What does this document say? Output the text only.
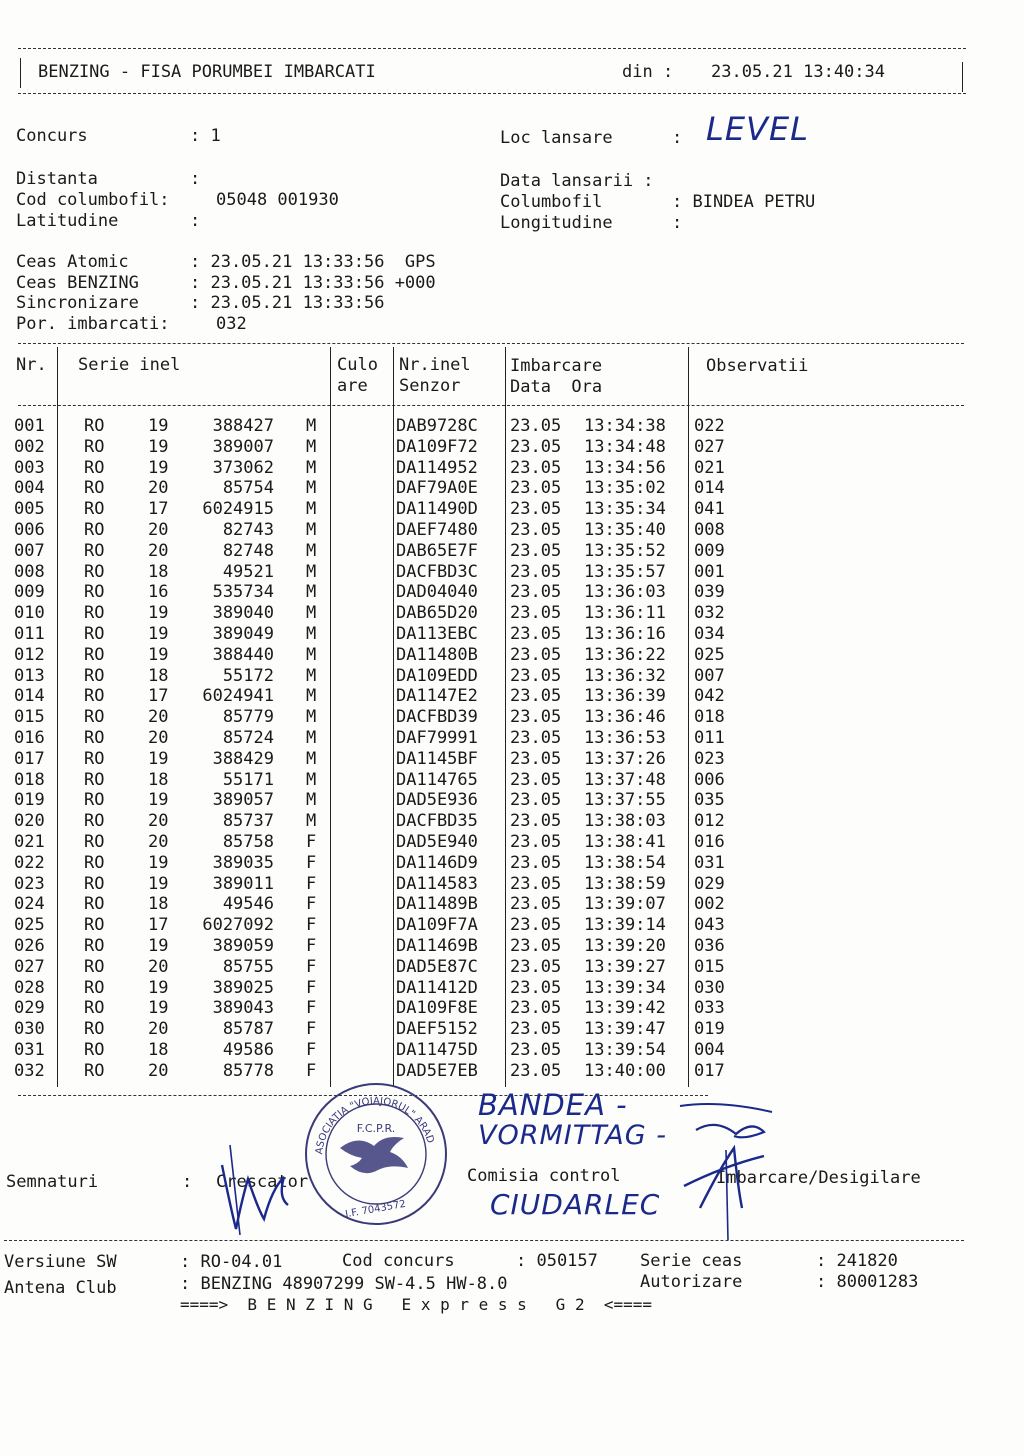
BENZING - FISA PORUMBEI IMBARCATI	din : 23.05.21 13:40:34
Concurs	: 1	Loc lansare	: LEVEL
Distanta	:	Data lansarii :
Cod columbofil:	05048 001930	Columbofil	: BINDEA PETRU
Latitudine	:	Longitudine	:
Ceas Atomic	: 23.05.21 13:33:56  GPS
Ceas BENZING	: 23.05.21 13:33:56 +000
Sincronizare	: 23.05.21 13:33:56
Por. imbarcati:	032
Nr. Serie inel	Culo
are
Nr.inel
Senzor
Imbarcare
Data  Ora
Observatii
001	RO	19	388427 M	DAB9728C	23.05	13:34:38	022
002	RO	19	389007 M	DA109F72	23.05	13:34:48	027
003	RO	19	373062 M	DA114952	23.05	13:34:56	021
004	RO	20	85754 M	DAF79A0E	23.05	13:35:02	014
005	RO	17	6024915 M	DA11490D	23.05	13:35:34	041
006	RO	20	82743 M	DAEF7480	23.05	13:35:40	008
007	RO	20	82748 M	DAB65E7F	23.05	13:35:52	009
008	RO	18	49521 M	DACFBD3C	23.05	13:35:57	001
009	RO	16	535734 M	DAD04040	23.05	13:36:03	039
010	RO	19	389040 M	DAB65D20	23.05	13:36:11	032
011	RO	19	389049 M	DA113EBC	23.05	13:36:16	034
012	RO	19	388440 M	DA11480B	23.05	13:36:22	025
013	RO	18	55172 M	DA109EDD	23.05	13:36:32	007
014	RO	17	6024941 M	DA1147E2	23.05	13:36:39	042
015	RO	20	85779 M	DACFBD39	23.05	13:36:46	018
016	RO	20	85724 M	DAF79991	23.05	13:36:53	011
017	RO	19	388429 M	DA1145BF	23.05	13:37:26	023
018	RO	18	55171 M	DA114765	23.05	13:37:48	006
019	RO	19	389057 M	DAD5E936	23.05	13:37:55	035
020	RO	20	85737 M	DACFBD35	23.05	13:38:03	012
021	RO	20	85758 F	DAD5E940	23.05	13:38:41	016
022	RO	19	389035 F	DA1146D9	23.05	13:38:54	031
023	RO	19	389011 F	DA114583	23.05	13:38:59	029
024	RO	18	49546 F	DA11489B	23.05	13:39:07	002
025	RO	17	6027092 F	DA109F7A	23.05	13:39:14	043
026	RO	19	389059 F	DA11469B	23.05	13:39:20	036
027	RO	20	85755 F	DAD5E87C	23.05	13:39:27	015
028	RO	19	389025 F	DA11412D	23.05	13:39:34	030
029	RO	19	389043 F	DA109F8E	23.05	13:39:42	033
030	RO	20	85787 F	DAEF5152	23.05	13:39:47	019
031	RO	18	49586 F	DA11475D	23.05	13:39:54	004
032	RO	20	85778 F	DAD5E7EB	23.05	13:40:00	017
Semnaturi	: Crescator	Comisia control	Imbarcare/Desigilare
BANDEA -
VORMITTAG -
CIUDARLEC
ASOCIATIA "VOIAJORUL" ARAD
F.C.P.R.
I.F. 7043572
Versiune SW	: RO-04.01	Cod concurs	: 050157 Serie ceas	: 241820
Antena Club	: BENZING 48907299 SW-4.5 HW-8.0	Autorizare	: 80001283
====>  B E N Z I N G   E x p r e s s   G 2  <====
